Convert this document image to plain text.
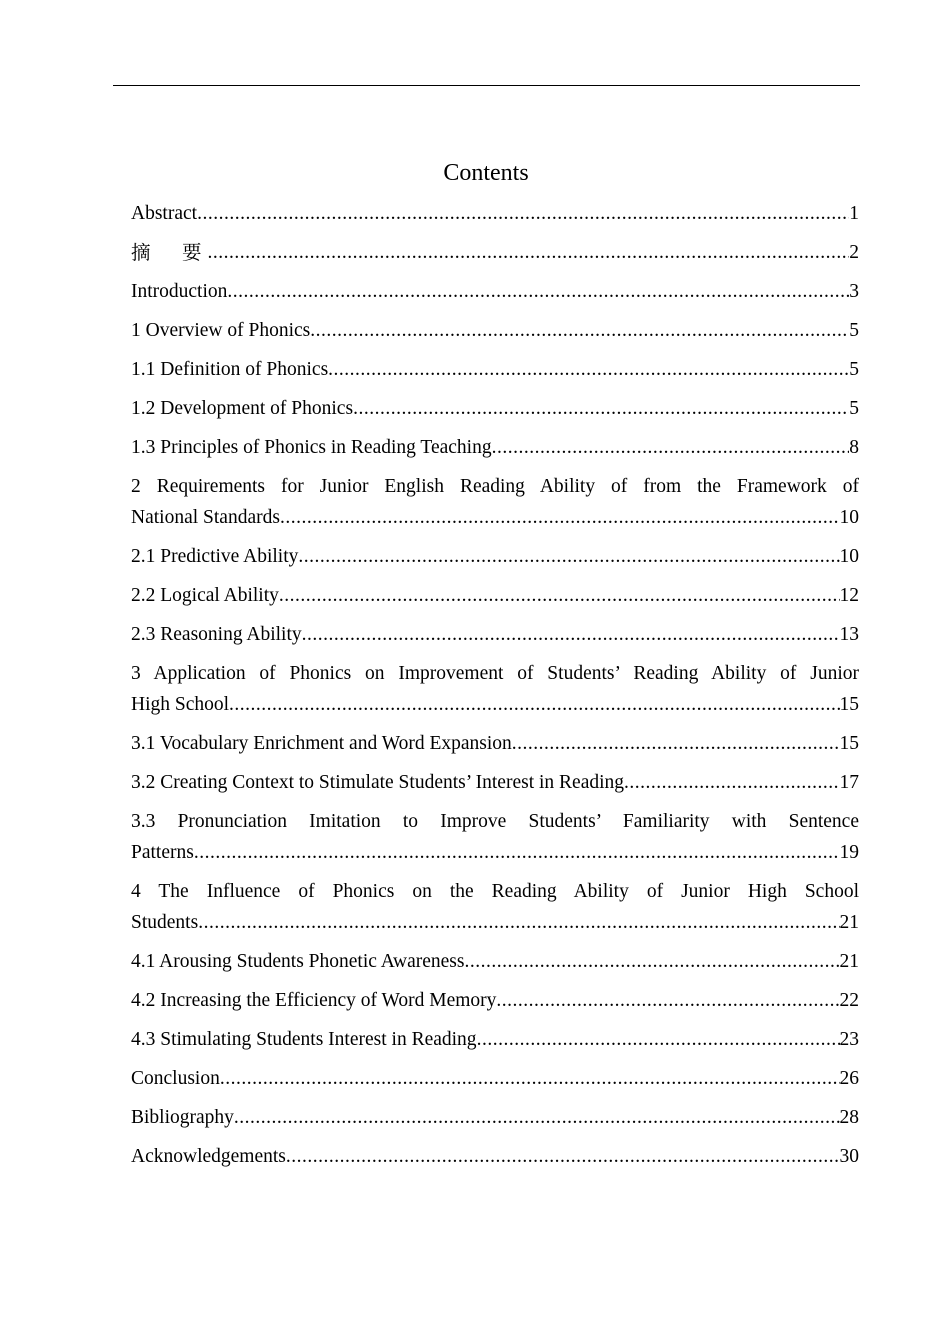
Contents
Abstract .....	1
摘　要 .....	2
Introduction .....	3
1 Overview of Phonics .....	5
1.1 Definition of Phonics .....	5
1.2 Development of Phonics .....	5
1.3 Principles of Phonics in Reading Teaching .....	8
2 Requirements for Junior English Reading Ability of from the Framework of
National Standards .....	10
2.1 Predictive Ability .....	10
2.2 Logical Ability .....	12
2.3 Reasoning Ability .....	13
3 Application of Phonics on Improvement of Students’ Reading Ability of Junior
High School .....	15
3.1 Vocabulary Enrichment and Word Expansion .....	15
3.2 Creating Context to Stimulate Students’ Interest in Reading .....	17
3.3 Pronunciation Imitation to Improve Students’ Familiarity with Sentence
Patterns .....	19
4 The Influence of Phonics on the Reading Ability of Junior High School
Students .....	21
4.1 Arousing Students Phonetic Awareness .....	21
4.2 Increasing the Efficiency of Word Memory .....	22
4.3 Stimulating Students Interest in Reading .....	23
Conclusion .....	26
Bibliography .....	28
Acknowledgements .....	30
